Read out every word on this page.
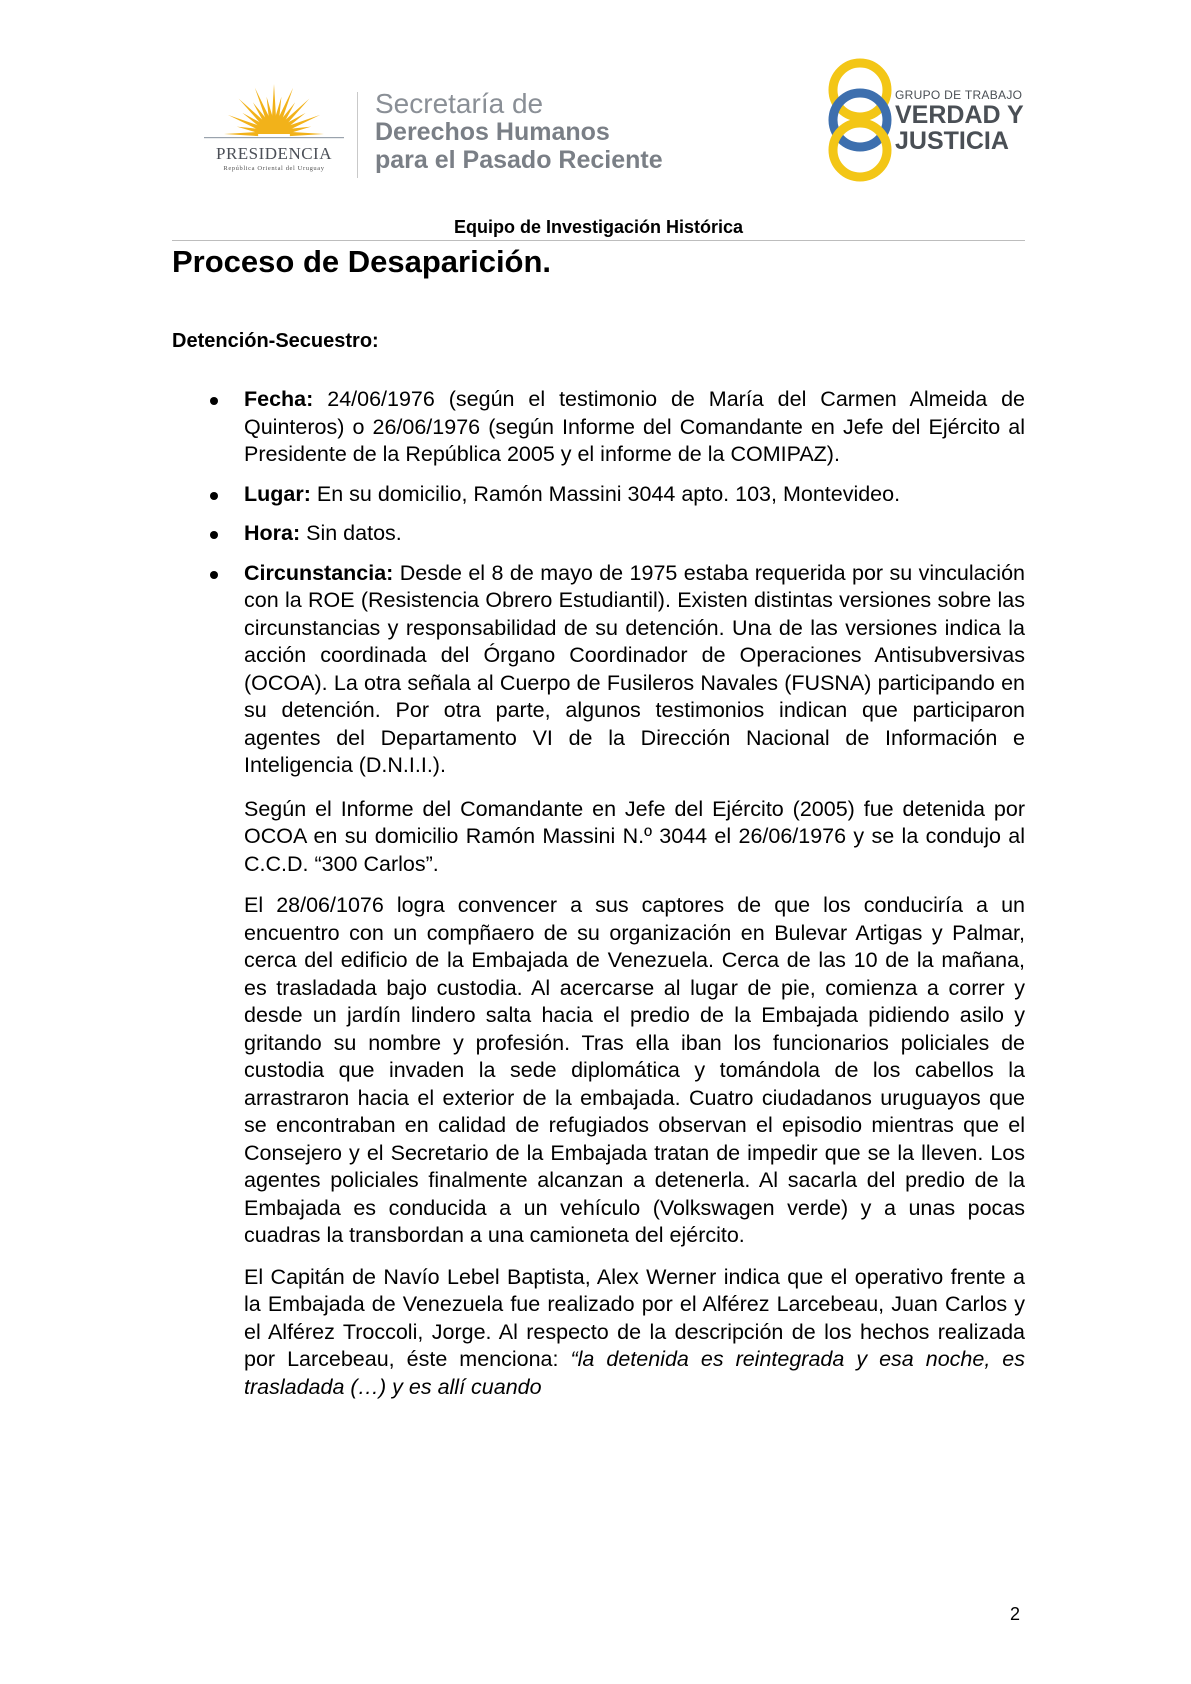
PRESIDENCIA
República Oriental del Uruguay
Secretaría de
Derechos Humanos
para el Pasado Reciente
GRUPO DE TRABAJO
VERDAD Y
JUSTICIA
Equipo de Investigación Histórica
Proceso de Desaparición.
Detención-Secuestro:

Fecha: 24/06/1976 (según el testimonio de María del Carmen Almeida de Quinteros) o 26/06/1976 (según Informe del Comandante en Jefe del Ejército al Presidente de la República 2005 y el informe de la COMIPAZ).

Lugar: En su domicilio, Ramón Massini 3044 apto. 103, Montevideo.

Hora: Sin datos.

Circunstancia: Desde el 8 de mayo de 1975 estaba requerida por su vinculación con la ROE (Resistencia Obrero Estudiantil). Existen distintas versiones sobre las circunstancias y responsabilidad de su detención. Una de las versiones indica la acción coordinada del Órgano Coordinador de Operaciones Antisubversivas (OCOA). La otra señala al Cuerpo de Fusileros Navales (FUSNA) participando en su detención. Por otra parte, algunos testimonios indican que participaron agentes del Departamento VI de la Dirección Nacional de Información e Inteligencia (D.N.I.I.).

Según el Informe del Comandante en Jefe del Ejército (2005) fue detenida por OCOA en su domicilio Ramón Massini N.º 3044 el 26/06/1976 y se la condujo al C.C.D. “300 Carlos”.

El 28/06/1076 logra convencer a sus captores de que los conduciría a un encuentro con un compñaero de su organización en Bulevar Artigas y Palmar, cerca del edificio de la Embajada de Venezuela. Cerca de las 10 de la mañana, es trasladada bajo custodia. Al acercarse al lugar de pie, comienza a correr y desde un jardín lindero salta hacia el predio de la Embajada pidiendo asilo y gritando su nombre y profesión. Tras ella iban los funcionarios policiales de custodia que invaden la sede diplomática y tomándola de los cabellos la arrastraron hacia el exterior de la embajada. Cuatro ciudadanos uruguayos que se encontraban en calidad de refugiados observan el episodio mientras que el Consejero y el Secretario de la Embajada tratan de impedir que se la lleven. Los agentes policiales finalmente alcanzan a detenerla. Al sacarla del predio de la Embajada es conducida a un vehículo (Volkswagen verde) y a unas pocas cuadras la transbordan a una camioneta del ejército.

El Capitán de Navío Lebel Baptista, Alex Werner indica que el operativo frente a la Embajada de Venezuela fue realizado por el Alférez Larcebeau, Juan Carlos y el Alférez Troccoli, Jorge. Al respecto de la descripción de los hechos realizada por Larcebeau, éste menciona: “la detenida es reintegrada y esa noche, es trasladada (…) y es allí cuando

2
